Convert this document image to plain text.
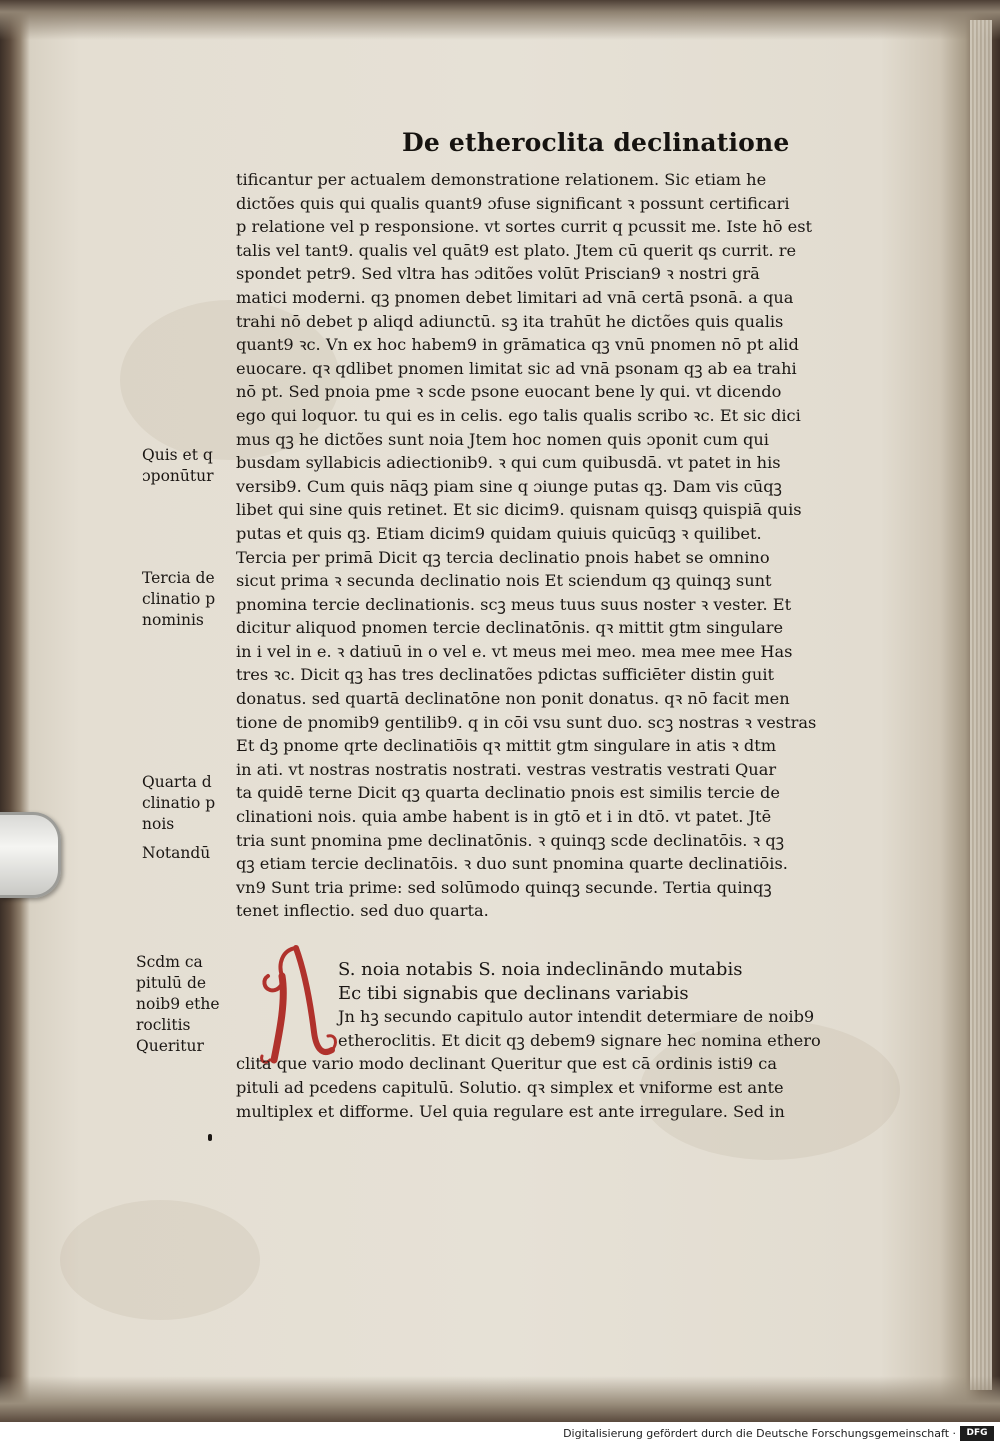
De etheroclita declinatione
tificantur per actualem demonstratione relationem. Sic etiam he
dictões quis qui qualis quant9 ɔfuse significant ꝛ possunt certificari
p relatione vel p responsione. vt sortes currit q pcussit me. Iste hō est
talis vel tant9. qualis vel quāt9 est plato. Jtem cū querit qs currit. re
spondet petr9. Sed vltra has ɔditões volūt Priscian9 ꝛ nostri grā
matici moderni. qꝫ pnomen debet limitari ad vnā certā psonā. a qua
trahi nō debet p aliqd adiunctū. sꝫ ita trahūt he dictões quis qualis
quant9 ꝛc. Vn ex hoc habem9 in grāmatica qꝫ vnū pnomen nō pt alid
euocare. qꝛ qdlibet pnomen limitat sic ad vnā psonam qꝫ ab ea trahi
nō pt. Sed pnoia pme ꝛ scde psone euocant bene ly qui. vt dicendo
ego qui loquor. tu qui es in celis. ego talis qualis scribo ꝛc. Et sic dici
mus qꝫ he dictões sunt noia Jtem hoc nomen quis ɔponit cum qui
busdam syllabicis adiectionib9. ꝛ qui cum quibusdā. vt patet in his
versib9. Cum quis nāqꝫ piam sine q ɔiunge putas qꝫ. Dam vis cūqꝫ
libet qui sine quis retinet. Et sic dicim9. quisnam quisqꝫ quispiā quis
putas et quis qꝫ. Etiam dicim9 quidam quiuis quicūqꝫ ꝛ quilibet.
Tercia per primā Dicit qꝫ tercia declinatio pnois habet se omnino
sicut prima ꝛ secunda declinatio nois Et sciendum qꝫ quinqꝫ sunt
pnomina tercie declinationis. scꝫ meus tuus suus noster ꝛ vester. Et
dicitur aliquod pnomen tercie declinatōnis. qꝛ mittit gtm singulare
in i vel in e. ꝛ datiuū in o vel e. vt meus mei meo. mea mee mee Has
tres ꝛc. Dicit qꝫ has tres declinatões pdictas sufficiēter distin guit
donatus. sed quartā declinatōne non ponit donatus. qꝛ nō facit men
tione de pnomib9 gentilib9. q in cōi vsu sunt duo. scꝫ nostras ꝛ vestras
Et dꝫ pnome qrte declinatiōis qꝛ mittit gtm singulare in atis ꝛ dtm
in ati. vt nostras nostratis nostrati. vestras vestratis vestrati Quar
ta quidē terne Dicit qꝫ quarta declinatio pnois est similis tercie de
clinationi nois. quia ambe habent is in gtō et i in dtō. vt patet. Jtē
tria sunt pnomina pme declinatōnis. ꝛ quinqꝫ scde declinatōis. ꝛ qꝫ
qꝫ etiam tercie declinatōis. ꝛ duo sunt pnomina quarte declinatiōis.
vn9 Sunt tria prime: sed solūmodo quinqꝫ secunde. Tertia quinqꝫ
tenet inflectio. sed duo quarta.
Quis et q
ɔponūtur
Tercia de
clinatio p
nominis
Quarta d
clinatio p
nois
Notandū
Scdm ca
pitulū de
noib9 ethe
roclitis
Queritur
S. noia notabis S. noia indeclināndo mutabis
Ec tibi signabis que declinans variabis
Jn hꝫ secundo capitulo autor intendit determiare de noib9
etheroclitis. Et dicit qꝫ debem9 signare hec nomina ethero
clita que vario modo declinant Queritur que est cā ordinis isti9 ca
pituli ad pcedens capitulū. Solutio. qꝛ simplex et vniforme est ante
multiplex et difforme. Uel quia regulare est ante irregulare. Sed in
Digitalisierung gefördert durch die Deutsche Forschungsgemeinschaft ·	DFG
